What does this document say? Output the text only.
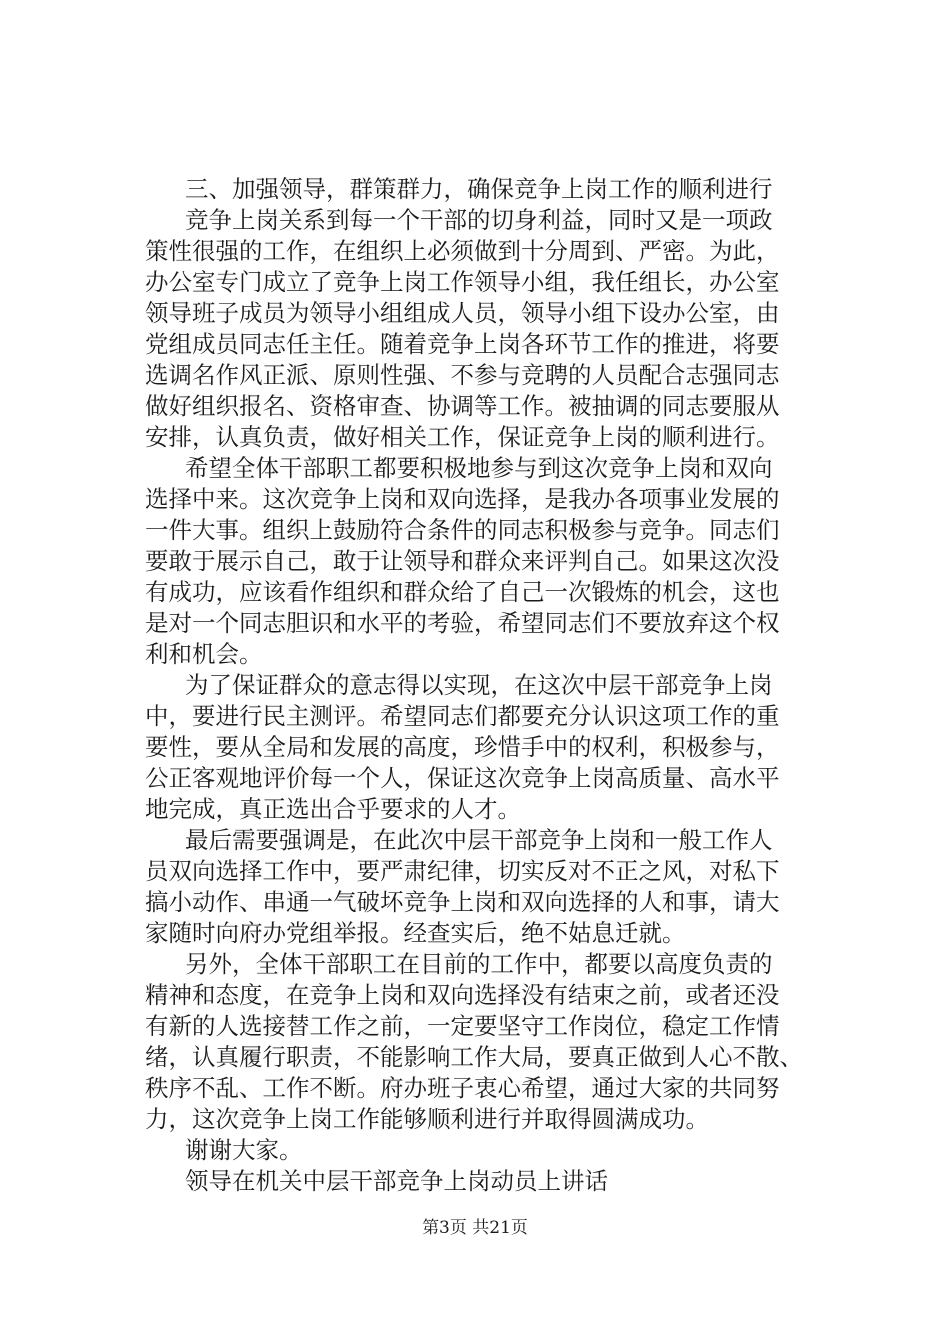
三、加强领导，群策群力，确保竞争上岗工作的顺利进行
竞争上岗关系到每一个干部的切身利益，同时又是一项政
策性很强的工作，在组织上必须做到十分周到、严密。为此，
办公室专门成立了竞争上岗工作领导小组，我任组长，办公室
领导班子成员为领导小组组成人员，领导小组下设办公室，由
党组成员同志任主任。随着竞争上岗各环节工作的推进，将要
选调名作风正派、原则性强、不参与竞聘的人员配合志强同志
做好组织报名、资格审查、协调等工作。被抽调的同志要服从
安排，认真负责，做好相关工作，保证竞争上岗的顺利进行。
希望全体干部职工都要积极地参与到这次竞争上岗和双向
选择中来。这次竞争上岗和双向选择，是我办各项事业发展的
一件大事。组织上鼓励符合条件的同志积极参与竞争。同志们
要敢于展示自己，敢于让领导和群众来评判自己。如果这次没
有成功，应该看作组织和群众给了自己一次锻炼的机会，这也
是对一个同志胆识和水平的考验，希望同志们不要放弃这个权
利和机会。
为了保证群众的意志得以实现，在这次中层干部竞争上岗
中，要进行民主测评。希望同志们都要充分认识这项工作的重
要性，要从全局和发展的高度，珍惜手中的权利，积极参与，
公正客观地评价每一个人，保证这次竞争上岗高质量、高水平
地完成，真正选出合乎要求的人才。
最后需要强调是，在此次中层干部竞争上岗和一般工作人
员双向选择工作中，要严肃纪律，切实反对不正之风，对私下
搞小动作、串通一气破坏竞争上岗和双向选择的人和事，请大
家随时向府办党组举报。经查实后，绝不姑息迁就。
另外，全体干部职工在目前的工作中，都要以高度负责的
精神和态度，在竞争上岗和双向选择没有结束之前，或者还没
有新的人选接替工作之前，一定要坚守工作岗位，稳定工作情
绪，认真履行职责，不能影响工作大局，要真正做到人心不散、
秩序不乱、工作不断。府办班子衷心希望，通过大家的共同努
力，这次竞争上岗工作能够顺利进行并取得圆满成功。
谢谢大家。
领导在机关中层干部竞争上岗动员上讲话
第3页 共21页
